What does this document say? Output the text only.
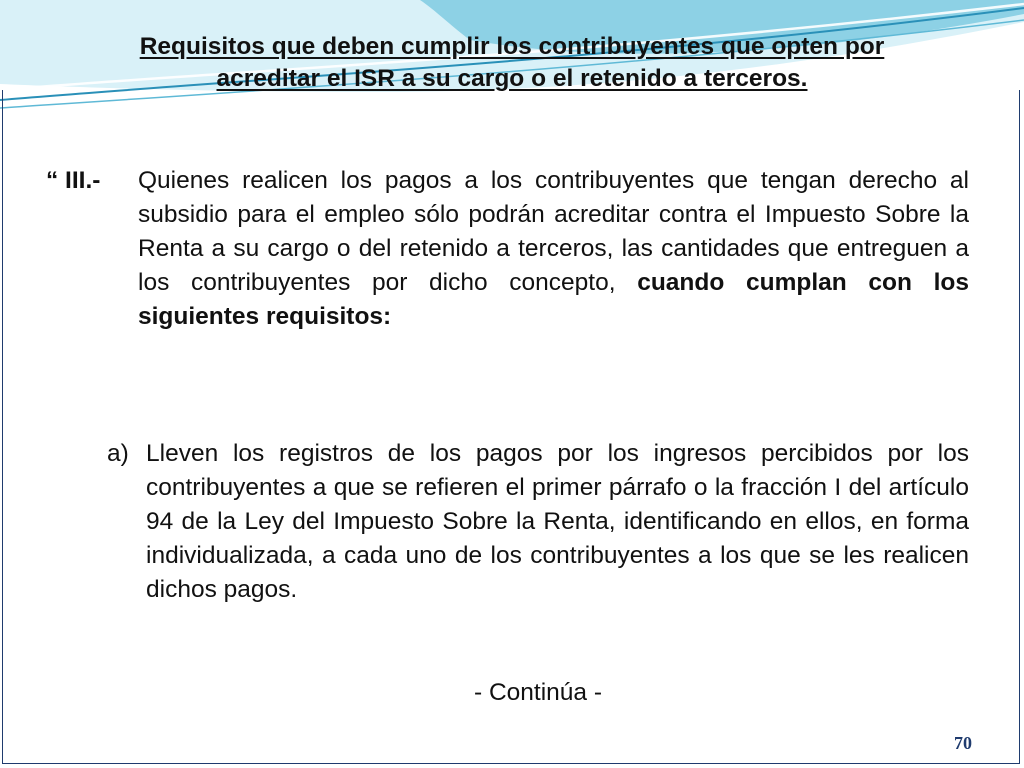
Requisitos que deben cumplir los contribuyentes que opten por
acreditar el ISR a su cargo o el retenido a terceros.
“ III.- Quienes realicen los pagos a los contribuyentes que tengan derecho al subsidio para el empleo sólo podrán acreditar contra el Impuesto Sobre la Renta a su cargo o del retenido a terceros, las cantidades que entreguen a los contribuyentes por dicho concepto, cuando cumplan con los siguientes requisitos:
a) Lleven los registros de los pagos por los ingresos percibidos por los contribuyentes a que se refieren el primer párrafo o la fracción I del artículo 94 de la Ley del Impuesto Sobre la Renta, identificando en ellos, en forma individualizada, a cada uno de los contribuyentes a los que se les realicen dichos pagos.
- Continúa -
70
